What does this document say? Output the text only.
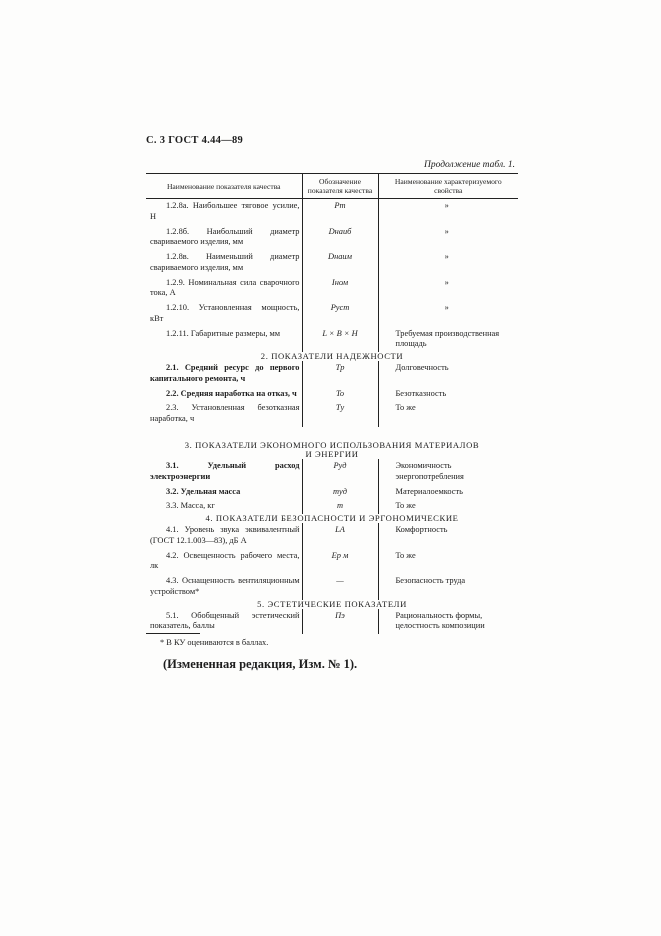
С. 3 ГОСТ 4.44—89
Продолжение табл. 1.
Наименование показателя качества	Обозначение показателя качества	Наименование характеризуемого свойства
1.2.8а. Наибольшее тяговое усилие, Н	Pт	»
1.2.8б. Наибольший диаметр свариваемого изделия, мм	Dнаиб	»
1.2.8в. Наименьший диаметр свариваемого изделия, мм	Dнаим	»
1.2.9. Номинальная сила сварочного тока, А	Iном	»
1.2.10. Установленная мощность, кВт	Pуст	»
1.2.11. Габаритные размеры, мм	L × B × H	Требуемая производственная площадь
2. ПОКАЗАТЕЛИ НАДЕЖНОСТИ		
2.1. Средний ресурс до первого капитального ремонта, ч	Tр	Долговечность
2.2. Средняя наработка на отказ, ч	To	Безотказность
2.3. Установленная безотказная наработка, ч	Tу	То же
3. ПОКАЗАТЕЛИ ЭКОНОМНОГО ИСПОЛЬЗОВАНИЯ МАТЕРИАЛОВ
И ЭНЕРГИИ		
3.1. Удельный расход электроэнергии	Pуд	Экономичность энергопотребления
3.2. Удельная масса	mуд	Материалоемкость
3.3. Масса, кг	m	То же
4. ПОКАЗАТЕЛИ БЕЗОПАСНОСТИ И ЭРГОНОМИЧЕСКИЕ		
4.1. Уровень звука эквивалентный (ГОСТ 12.1.003—83), дБ А	LA	Комфортность
4.2. Освещенность рабочего места, лк	Eр м	То же
4.3. Оснащенность вентиляционным устройством*	—	Безопасность труда
5. ЭСТЕТИЧЕСКИЕ ПОКАЗАТЕЛИ		
5.1. Обобщенный эстетический показатель, баллы	Пэ	Рациональность формы, целостность композиции
* В КУ оцениваются в баллах.
(Измененная редакция, Изм. № 1).
